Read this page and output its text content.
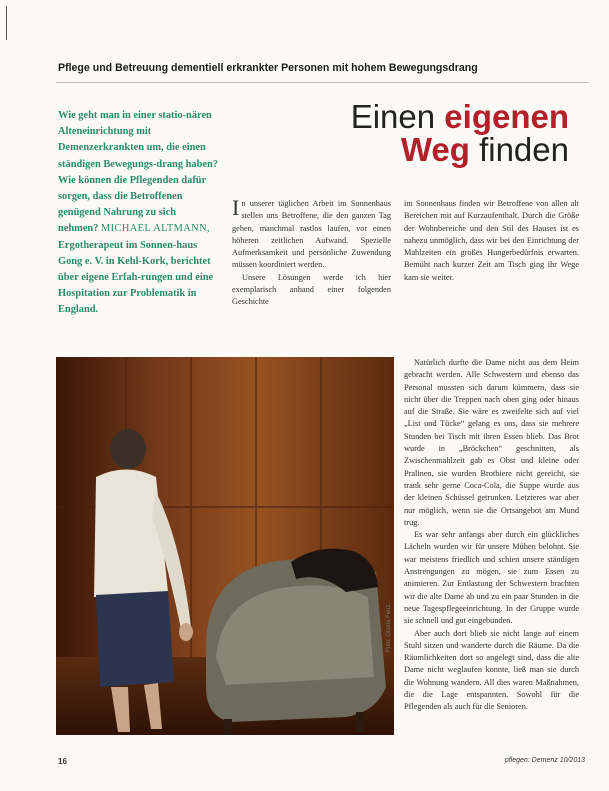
Pflege und Betreuung dementiell erkrankter Personen mit hohem Bewegungsdrang
Wie geht man in einer statio-nären Alteneinrichtung mit Demenzerkrankten um, die einen ständigen Bewegungs-drang haben? Wie können die Pflegenden dafür sorgen, dass die Betroffenen genügend Nahrung zu sich nehmen? MICHAEL ALTMANN, Ergotherapeut im Sonnen-haus Gong e. V. in Kehl-Kork, berichtet über eigene Erfah-rungen und eine Hospitation zur Problematik in England.
Einen eigenen
Weg finden

In unserer täglichen Arbeit im Sonnenhaus stellen uns Betroffene, die den ganzen Tag gehen, manchmal rastlos laufen, vor einen höheren zeitlichen Aufwand. Spezielle Aufmerksamkeit und persönliche Zuwendung müssen koordiniert werden.

Unsere Lösungen werde ich hier exemplarisch anhand einer folgenden Geschichte

im Sonnenhaus finden wir Betroffene von allen alt Bereichen mit auf Kurzaufenthalt. Durch die Größe der Wohnbereiche und den Stil des Hauses ist es nahezu unmöglich, dass wir bei den Einrichtung der Mahlzeiten ein großes Hungerbedürfnis erwarten. Bemüht nach kurzer Zeit am Tisch ging ihr Wege kam sie weiter.

Natürlich durfte die Dame nicht aus dem Heim gebracht werden. Alle Schwestern und ebenso das Personal mussten sich darum kümmern, dass sie nicht über die Treppen nach oben ging oder hinaus auf die Straße. Sie wäre es zweifelte sich auf viel „List und Tücke“ gelang es uns, dass sie mehrere Stunden bei Tisch mit ihren Essen blieb. Das Brot wurde in „Bröckchen“ geschnitten, als Zwischenmahlzeit gab es Obst und kleine oder Pralinen, sie wurden Brotbiere nicht gereicht, sie trank sehr gerne Coca-Cola, die Suppe wurde aus der kleinen Schüssel getrunken. Letzteres war aber nur möglich, wenn sie die Ortsangebot am Mund trug.

Es war sehr anfangs aber durch ein glückliches Lächeln wurden wir für unsere Mühen belohnt. Sie war meistens friedlich und schien unsere ständigen Anstrengungen zu mögen, sie zum Essen zu animieren. Zur Entlastung der Schwestern brachten wir die alte Dame ab und zu ein paar Stunden in die neue Tagespflegeeinrichtung. In der Gruppe wurde sie schnell und gut eingebunden.

Aber auch dort blieb sie nicht lange auf einem Stuhl sitzen und wanderte durch die Räume. Da die Räumlichkeiten dort so angelegt sind, dass die alte Dame nicht weglaufen konnte, ließ man sie durch die Wohnung wandern. All dies waren Maßnahmen, die die Lage entspannten. Sowohl für die Pflegenden als auch für die Senioren.

Foto: Gisela Fenz
16	pflegen: Demenz 10/2013
